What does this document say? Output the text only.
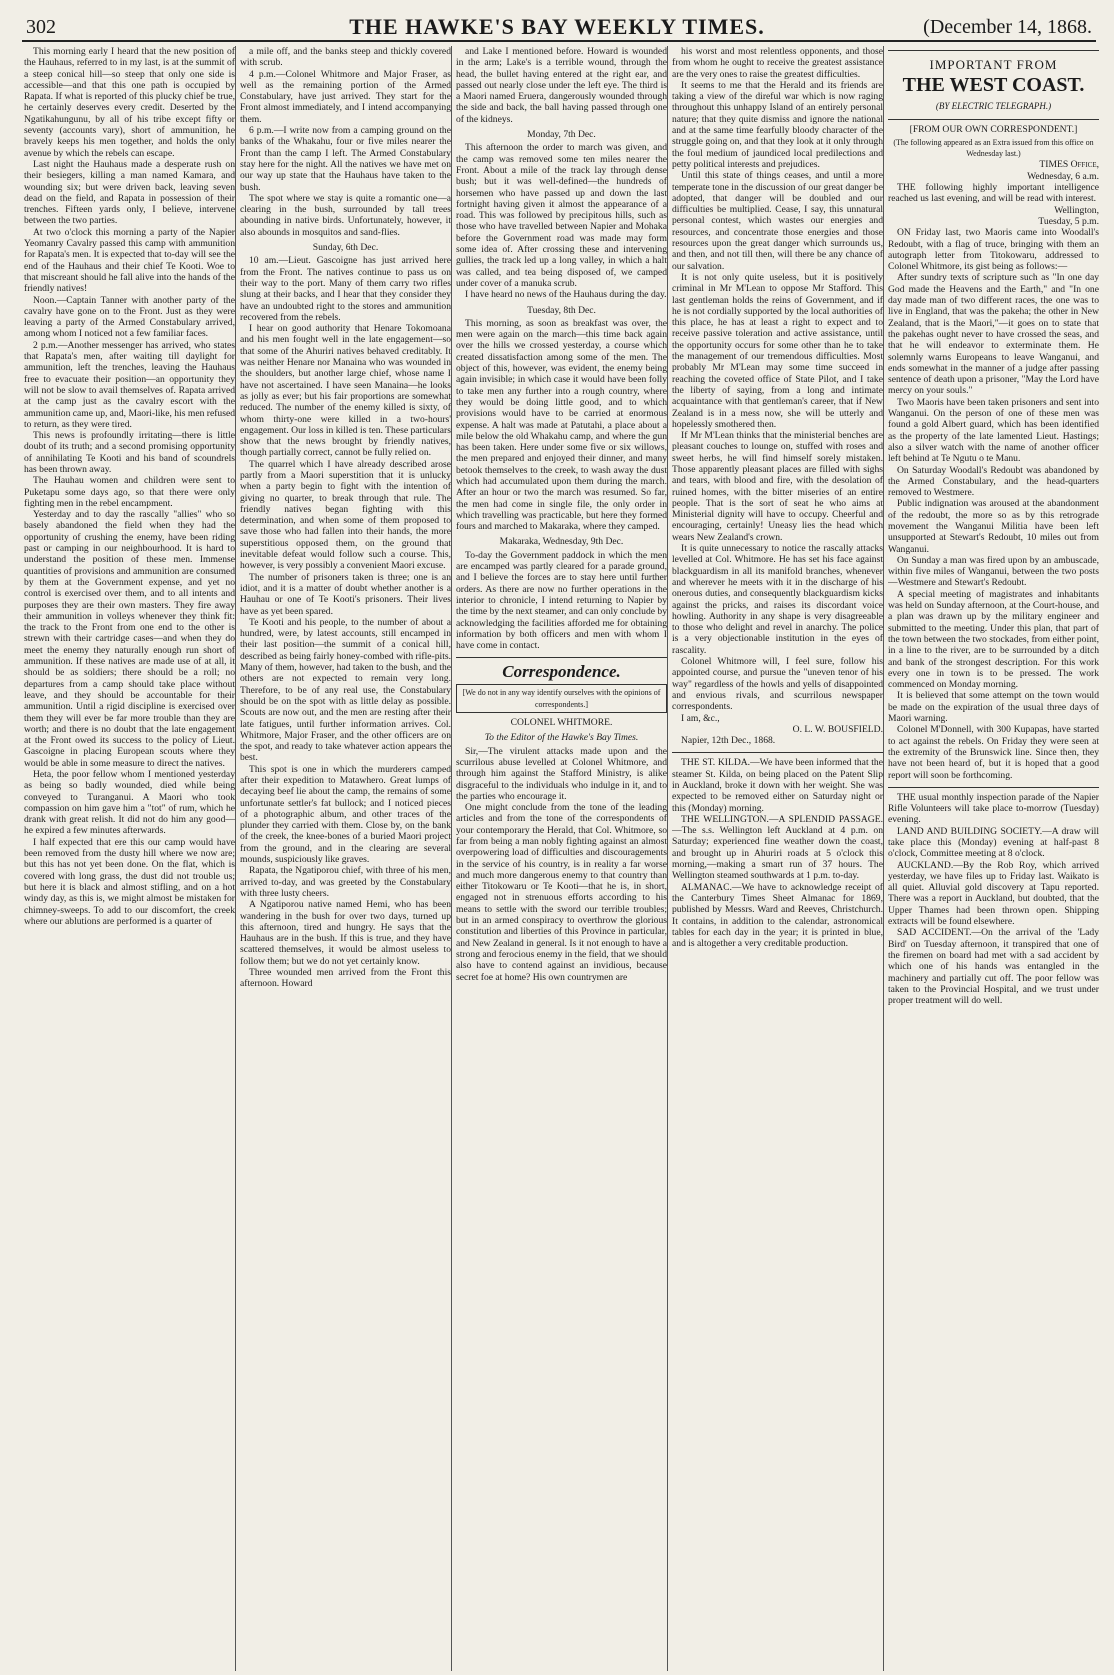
302	THE HAWKE'S BAY WEEKLY TIMES.	(December 14, 1868.

This morning early I heard that the new position of the Hauhaus, referred to in my last, is at the summit of a steep conical hill—so steep that only one side is accessible—and that this one path is occupied by Rapata. If what is reported of this plucky chief be true, he certainly deserves every credit. Deserted by the Ngatikahungunu, by all of his tribe except fifty or seventy (accounts vary), short of ammunition, he bravely keeps his men together, and holds the only avenue by which the rebels can escape.

Last night the Hauhaus made a desperate rush on their besiegers, killing a man named Kamara, and wounding six; but were driven back, leaving seven dead on the field, and Rapata in possession of their trenches. Fifteen yards only, I believe, intervene between the two parties.

At two o'clock this morning a party of the Napier Yeomanry Cavalry passed this camp with ammunition for Rapata's men. It is expected that to-day will see the end of the Hauhaus and their chief Te Kooti. Woe to that miscreant should he fall alive into the hands of the friendly natives!

Noon.—Captain Tanner with another party of the cavalry have gone on to the Front. Just as they were leaving a party of the Armed Constabulary arrived, among whom I noticed not a few familiar faces.

2 p.m.—Another messenger has arrived, who states that Rapata's men, after waiting till daylight for ammunition, left the trenches, leaving the Hauhaus free to evacuate their position—an opportunity they will not be slow to avail themselves of. Rapata arrived at the camp just as the cavalry escort with the ammunition came up, and, Maori-like, his men refused to return, as they were tired.

This news is profoundly irritating—there is little doubt of its truth; and a second promising opportunity of annihilating Te Kooti and his band of scoundrels has been thrown away.

The Hauhau women and children were sent to Puketapu some days ago, so that there were only fighting men in the rebel encampment.

Yesterday and to day the rascally "allies" who so basely abandoned the field when they had the opportunity of crushing the enemy, have been riding past or camping in our neighbourhood. It is hard to understand the position of these men. Immense quantities of provisions and ammunition are consumed by them at the Government expense, and yet no control is exercised over them, and to all intents and purposes they are their own masters. They fire away their ammunition in volleys whenever they think fit: the track to the Front from one end to the other is strewn with their cartridge cases—and when they do meet the enemy they naturally enough run short of ammunition. If these natives are made use of at all, it should be as soldiers; there should be a roll; no departures from a camp should take place without leave, and they should be accountable for their ammunition. Until a rigid discipline is exercised over them they will ever be far more trouble than they are worth; and there is no doubt that the late engagement at the Front owed its success to the policy of Lieut. Gascoigne in placing European scouts where they would be able in some measure to direct the natives.

Heta, the poor fellow whom I mentioned yesterday as being so badly wounded, died while being conveyed to Turanganui. A Maori who took compassion on him gave him a "tot" of rum, which he drank with great relish. It did not do him any good—he expired a few minutes afterwards.

I half expected that ere this our camp would have been removed from the dusty hill where we now are; but this has not yet been done. On the flat, which is covered with long grass, the dust did not trouble us; but here it is black and almost stifling, and on a hot windy day, as this is, we might almost be mistaken for chimney-sweeps. To add to our discomfort, the creek where our ablutions are performed is a quarter of

a mile off, and the banks steep and thickly covered with scrub.

4 p.m.—Colonel Whitmore and Major Fraser, as well as the remaining portion of the Armed Constabulary, have just arrived. They start for the Front almost immediately, and I intend accompanying them.

6 p.m.—I write now from a camping ground on the banks of the Whakahu, four or five miles nearer the Front than the camp I left. The Armed Constabulary stay here for the night. All the natives we have met on our way up state that the Hauhaus have taken to the bush.

The spot where we stay is quite a romantic one—a clearing in the bush, surrounded by tall trees abounding in native birds. Unfortunately, however, it also abounds in mosquitos and sand-flies.

Sunday, 6th Dec.

10 am.—Lieut. Gascoigne has just arrived here from the Front. The natives continue to pass us on their way to the port. Many of them carry two rifles slung at their backs, and I hear that they consider they have an undoubted right to the stores and ammunition recovered from the rebels.

I hear on good authority that Henare Tokomoana and his men fought well in the late engagement—so that some of the Ahuriri natives behaved creditably. It was neither Henare nor Manaina who was wounded in the shoulders, but another large chief, whose name I have not ascertained. I have seen Manaina—he looks as jolly as ever; but his fair proportions are somewhat reduced. The number of the enemy killed is sixty, of whom thirty-one were killed in a two-hours' engagement. Our loss in killed is ten. These particulars show that the news brought by friendly natives, though partially correct, cannot be fully relied on.

The quarrel which I have already described arose partly from a Maori superstition that it is unlucky when a party begin to fight with the intention of giving no quarter, to break through that rule. The friendly natives began fighting with this determination, and when some of them proposed to save those who had fallen into their hands, the more superstitious opposed them, on the ground that inevitable defeat would follow such a course. This, however, is very possibly a convenient Maori excuse.

The number of prisoners taken is three; one is an idiot, and it is a matter of doubt whether another is a Hauhau or one of Te Kooti's prisoners. Their lives have as yet been spared.

Te Kooti and his people, to the number of about a hundred, were, by latest accounts, still encamped in their last position—the summit of a conical hill, described as being fairly honey-combed with rifle-pits. Many of them, however, had taken to the bush, and the others are not expected to remain very long. Therefore, to be of any real use, the Constabulary should be on the spot with as little delay as possible. Scouts are now out, and the men are resting after their late fatigues, until further information arrives. Col. Whitmore, Major Fraser, and the other officers are on the spot, and ready to take whatever action appears the best.

This spot is one in which the murderers camped after their expedition to Matawhero. Great lumps of decaying beef lie about the camp, the remains of some unfortunate settler's fat bullock; and I noticed pieces of a photographic album, and other traces of the plunder they carried with them. Close by, on the bank of the creek, the knee-bones of a buried Maori project from the ground, and in the clearing are several mounds, suspiciously like graves.

Rapata, the Ngatiporou chief, with three of his men, arrived to-day, and was greeted by the Constabulary with three lusty cheers.

A Ngatiporou native named Hemi, who has been wandering in the bush for over two days, turned up this afternoon, tired and hungry. He says that the Hauhaus are in the bush. If this is true, and they have scattered themselves, it would be almost useless to follow them; but we do not yet certainly know.

Three wounded men arrived from the Front this afternoon. Howard

and Lake I mentioned before. Howard is wounded in the arm; Lake's is a terrible wound, through the head, the bullet having entered at the right ear, and passed out nearly close under the left eye. The third is a Maori named Eruera, dangerously wounded through the side and back, the ball having passed through one of the kidneys.

Monday, 7th Dec.

This afternoon the order to march was given, and the camp was removed some ten miles nearer the Front. About a mile of the track lay through dense bush; but it was well-defined—the hundreds of horsemen who have passed up and down the last fortnight having given it almost the appearance of a road. This was followed by precipitous hills, such as those who have travelled between Napier and Mohaka before the Government road was made may form some idea of. After crossing these and intervening gullies, the track led up a long valley, in which a halt was called, and tea being disposed of, we camped under cover of a manuka scrub.

I have heard no news of the Hauhaus during the day.

Tuesday, 8th Dec.

This morning, as soon as breakfast was over, the men were again on the march—this time back again over the hills we crossed yesterday, a course which created dissatisfaction among some of the men. The object of this, however, was evident, the enemy being again invisible; in which case it would have been folly to take men any further into a rough country, where they would be doing little good, and to which provisions would have to be carried at enormous expense. A halt was made at Patutahi, a place about a mile below the old Whakahu camp, and where the gun has been taken. Here under some five or six willows, the men prepared and enjoyed their dinner, and many betook themselves to the creek, to wash away the dust which had accumulated upon them during the march. After an hour or two the march was resumed. So far, the men had come in single file, the only order in which travelling was practicable, but here they formed fours and marched to Makaraka, where they camped.

Makaraka, Wednesday, 9th Dec.

To-day the Government paddock in which the men are encamped was partly cleared for a parade ground, and I believe the forces are to stay here until further orders. As there are now no further operations in the interior to chronicle, I intend returning to Napier by the time by the next steamer, and can only conclude by acknowledging the facilities afforded me for obtaining information by both officers and men with whom I have come in contact.

Correspondence.

[We do not in any way identify ourselves with the opinions of correspondents.]

COLONEL WHITMORE.

To the Editor of the Hawke's Bay Times.

Sir,—The virulent attacks made upon and the scurrilous abuse levelled at Colonel Whitmore, and through him against the Stafford Ministry, is alike disgraceful to the individuals who indulge in it, and to the parties who encourage it.

One might conclude from the tone of the leading articles and from the tone of the correspondents of your contemporary the Herald, that Col. Whitmore, so far from being a man nobly fighting against an almost overpowering load of difficulties and discouragements in the service of his country, is in reality a far worse and much more dangerous enemy to that country than either Titokowaru or Te Kooti—that he is, in short, engaged not in strenuous efforts according to his means to settle with the sword our terrible troubles; but in an armed conspiracy to overthrow the glorious constitution and liberties of this Province in particular, and New Zealand in general. Is it not enough to have a strong and ferocious enemy in the field, that we should also have to contend against an invidious, because secret foe at home? His own countrymen are

his worst and most relentless opponents, and those from whom he ought to receive the greatest assistance are the very ones to raise the greatest difficulties.

It seems to me that the Herald and its friends are taking a view of the direful war which is now raging throughout this unhappy Island of an entirely personal nature; that they quite dismiss and ignore the national and at the same time fearfully bloody character of the struggle going on, and that they look at it only through the foul medium of jaundiced local predilections and petty political interests and prejudices.

Until this state of things ceases, and until a more temperate tone in the discussion of our great danger be adopted, that danger will be doubled and our difficulties be multiplied. Cease, I say, this unnatural personal contest, which wastes our energies and resources, and concentrate those energies and those resources upon the great danger which surrounds us, and then, and not till then, will there be any chance of our salvation.

It is not only quite useless, but it is positively criminal in Mr M'Lean to oppose Mr Stafford. This last gentleman holds the reins of Government, and if he is not cordially supported by the local authorities of this place, he has at least a right to expect and to receive passive toleration and active assistance, until the opportunity occurs for some other than he to take the management of our tremendous difficulties. Most probably Mr M'Lean may some time succeed in reaching the coveted office of State Pilot, and I take the liberty of saying, from a long and intimate acquaintance with that gentleman's career, that if New Zealand is in a mess now, she will be utterly and hopelessly smothered then.

If Mr M'Lean thinks that the ministerial benches are pleasant couches to lounge on, stuffed with roses and sweet herbs, he will find himself sorely mistaken. Those apparently pleasant places are filled with sighs and tears, with blood and fire, with the desolation of ruined homes, with the bitter miseries of an entire people. That is the sort of seat he who aims at Ministerial dignity will have to occupy. Cheerful and encouraging, certainly! Uneasy lies the head which wears New Zealand's crown.

It is quite unnecessary to notice the rascally attacks levelled at Col. Whitmore. He has set his face against blackguardism in all its manifold branches, whenever and wherever he meets with it in the discharge of his onerous duties, and consequently blackguardism kicks against the pricks, and raises its discordant voice howling. Authority in any shape is very disagreeable to those who delight and revel in anarchy. The police is a very objectionable institution in the eyes of rascality.

Colonel Whitmore will, I feel sure, follow his appointed course, and pursue the "uneven tenor of his way" regardless of the howls and yells of disappointed and envious rivals, and scurrilous newspaper correspondents.

I am, &c.,

O. L. W. BOUSFIELD.

Napier, 12th Dec., 1868.

THE ST. KILDA.—We have been informed that the steamer St. Kilda, on being placed on the Patent Slip in Auckland, broke it down with her weight. She was expected to be removed either on Saturday night or this (Monday) morning.

THE WELLINGTON.—A SPLENDID PASSAGE.—The s.s. Wellington left Auckland at 4 p.m. on Saturday; experienced fine weather down the coast, and brought up in Ahuriri roads at 5 o'clock this morning,—making a smart run of 37 hours. The Wellington steamed southwards at 1 p.m. to-day.

ALMANAC.—We have to acknowledge receipt of the Canterbury Times Sheet Almanac for 1869, published by Messrs. Ward and Reeves, Christchurch. It contains, in addition to the calendar, astronomical tables for each day in the year; it is printed in blue, and is altogether a very creditable production.

IMPORTANT FROM

THE WEST COAST.

(BY ELECTRIC TELEGRAPH.)

[FROM OUR OWN CORRESPONDENT.]

(The following appeared as an Extra issued from this office on Wednesday last.)

TIMES Office,

Wednesday, 6 a.m.

THE following highly important intelligence reached us last evening, and will be read with interest.

Wellington,

Tuesday, 5 p.m.

ON Friday last, two Maoris came into Woodall's Redoubt, with a flag of truce, bringing with them an autograph letter from Titokowaru, addressed to Colonel Whitmore, its gist being as follows:—

After sundry texts of scripture such as "In one day God made the Heavens and the Earth," and "In one day made man of two different races, the one was to live in England, that was the pakeha; the other in New Zealand, that is the Maori,"—it goes on to state that the pakehas ought never to have crossed the seas, and that he will endeavor to exterminate them. He solemnly warns Europeans to leave Wanganui, and ends somewhat in the manner of a judge after passing sentence of death upon a prisoner, "May the Lord have mercy on your souls."

Two Maoris have been taken prisoners and sent into Wanganui. On the person of one of these men was found a gold Albert guard, which has been identified as the property of the late lamented Lieut. Hastings; also a silver watch with the name of another officer left behind at Te Ngutu o te Manu.

On Saturday Woodall's Redoubt was abandoned by the Armed Constabulary, and the head-quarters removed to Westmere.

Public indignation was aroused at the abandonment of the redoubt, the more so as by this retrograde movement the Wanganui Militia have been left unsupported at Stewart's Redoubt, 10 miles out from Wanganui.

On Sunday a man was fired upon by an ambuscade, within five miles of Wanganui, between the two posts—Westmere and Stewart's Redoubt.

A special meeting of magistrates and inhabitants was held on Sunday afternoon, at the Court-house, and a plan was drawn up by the military engineer and submitted to the meeting. Under this plan, that part of the town between the two stockades, from either point, in a line to the river, are to be surrounded by a ditch and bank of the strongest description. For this work every one in town is to be pressed. The work commenced on Monday morning.

It is believed that some attempt on the town would be made on the expiration of the usual three days of Maori warning.

Colonel M'Donnell, with 300 Kupapas, have started to act against the rebels. On Friday they were seen at the extremity of the Brunswick line. Since then, they have not been heard of, but it is hoped that a good report will soon be forthcoming.

THE usual monthly inspection parade of the Napier Rifle Volunteers will take place to-morrow (Tuesday) evening.

LAND AND BUILDING SOCIETY.—A draw will take place this (Monday) evening at half-past 8 o'clock, Committee meeting at 8 o'clock.

AUCKLAND.—By the Rob Roy, which arrived yesterday, we have files up to Friday last. Waikato is all quiet. Alluvial gold discovery at Tapu reported. There was a report in Auckland, but doubted, that the Upper Thames had been thrown open. Shipping extracts will be found elsewhere.

SAD ACCIDENT.—On the arrival of the 'Lady Bird' on Tuesday afternoon, it transpired that one of the firemen on board had met with a sad accident by which one of his hands was entangled in the machinery and partially cut off. The poor fellow was taken to the Provincial Hospital, and we trust under proper treatment will do well.
